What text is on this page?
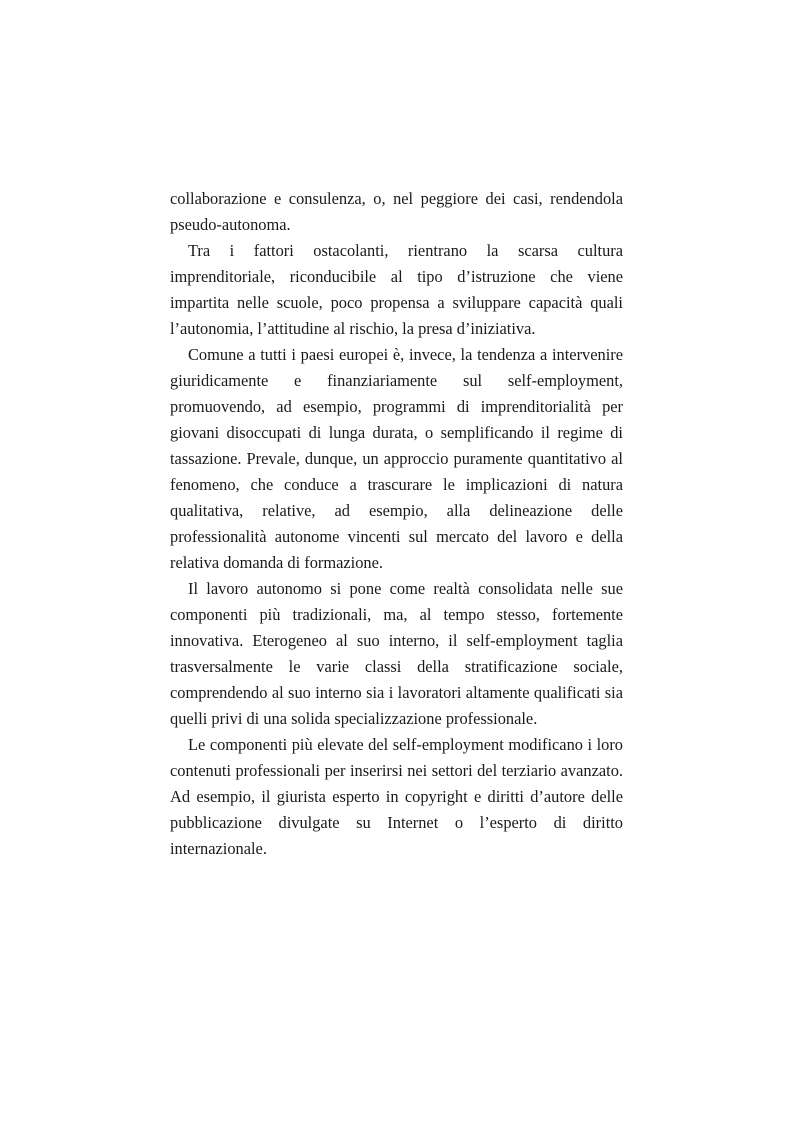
collaborazione e consulenza, o, nel peggiore dei casi, rendendola pseudo-autonoma.

Tra i fattori ostacolanti, rientrano la scarsa cultura imprenditoriale, riconducibile al tipo d’istruzione che viene impartita nelle scuole, poco propensa a sviluppare capacità quali l’autonomia, l’attitudine al rischio, la presa d’iniziativa.

Comune a tutti i paesi europei è, invece, la tendenza a intervenire giuridicamente e finanziariamente sul self-employment, promuovendo, ad esempio, programmi di imprenditorialità per giovani disoccupati di lunga durata, o semplificando il regime di tassazione. Prevale, dunque, un approccio puramente quantitativo al fenomeno, che conduce a trascurare le implicazioni di natura qualitativa, relative, ad esempio, alla delineazione delle professionalità autonome vincenti sul mercato del lavoro e della relativa domanda di formazione.

Il lavoro autonomo si pone come realtà consolidata nelle sue componenti più tradizionali, ma, al tempo stesso, fortemente innovativa. Eterogeneo al suo interno, il self-employment taglia trasversalmente le varie classi della stratificazione sociale, comprendendo al suo interno sia i lavoratori altamente qualificati sia quelli privi di una solida specializzazione professionale.

Le componenti più elevate del self-employment modificano i loro contenuti professionali per inserirsi nei settori del terziario avanzato. Ad esempio, il giurista esperto in copyright e diritti d’autore delle pubblicazione divulgate su Internet o l’esperto di diritto internazionale.
